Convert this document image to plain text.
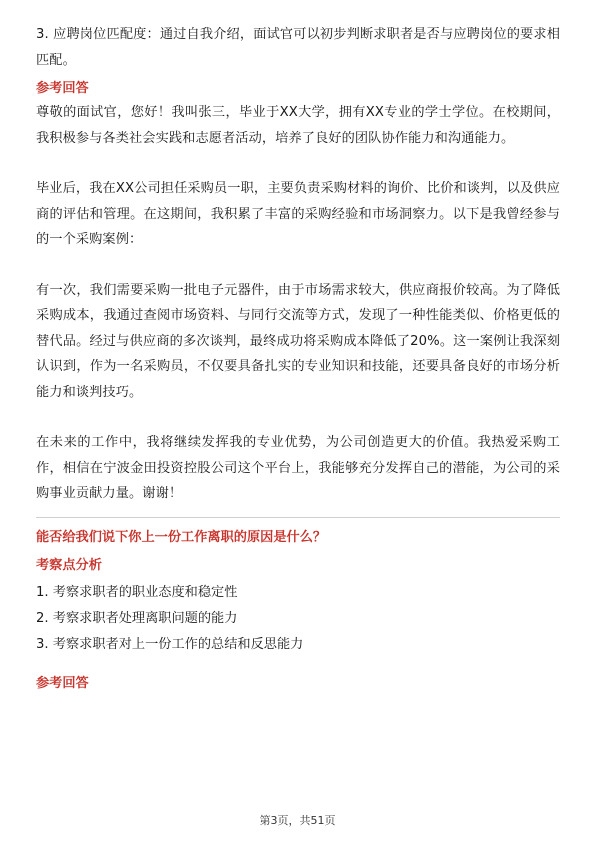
3. 应聘岗位匹配度：通过自我介绍，面试官可以初步判断求职者是否与应聘岗位的要求相匹配。

参考回答

尊敬的面试官，您好！我叫张三，毕业于XX大学，拥有XX专业的学士学位。在校期间，我积极参与各类社会实践和志愿者活动，培养了良好的团队协作能力和沟通能力。

毕业后，我在XX公司担任采购员一职，主要负责采购材料的询价、比价和谈判，以及供应商的评估和管理。在这期间，我积累了丰富的采购经验和市场洞察力。以下是我曾经参与的一个采购案例：

有一次，我们需要采购一批电子元器件，由于市场需求较大，供应商报价较高。为了降低采购成本，我通过查阅市场资料、与同行交流等方式，发现了一种性能类似、价格更低的替代品。经过与供应商的多次谈判，最终成功将采购成本降低了20%。这一案例让我深刻认识到，作为一名采购员，不仅要具备扎实的专业知识和技能，还要具备良好的市场分析能力和谈判技巧。

在未来的工作中，我将继续发挥我的专业优势，为公司创造更大的价值。我热爱采购工作，相信在宁波金田投资控股公司这个平台上，我能够充分发挥自己的潜能，为公司的采购事业贡献力量。谢谢！

能否给我们说下你上一份工作离职的原因是什么？

考察点分析

1. 考察求职者的职业态度和稳定性

2. 考察求职者处理离职问题的能力

3. 考察求职者对上一份工作的总结和反思能力

参考回答

第3页，共51页
